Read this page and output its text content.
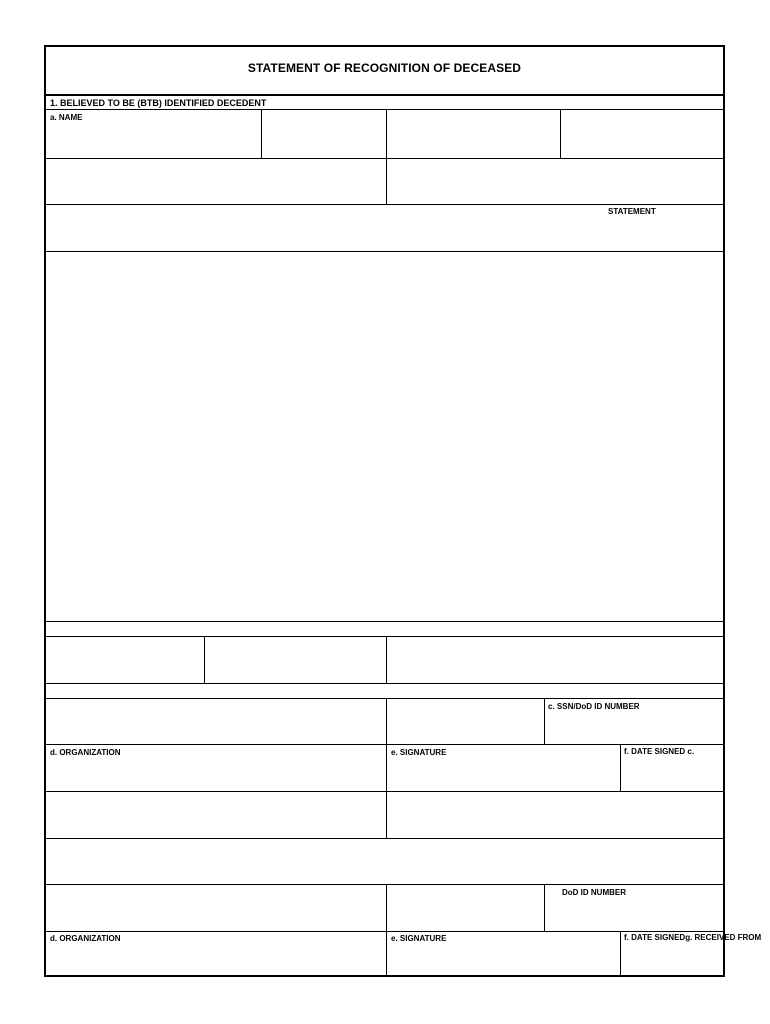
STATEMENT OF RECOGNITION OF DECEASED
1. BELIEVED TO BE (BTB) IDENTIFIED DECEDENT
a. NAME
STATEMENT
c. SSN/DoD ID NUMBER
d. ORGANIZATION	e. SIGNATURE	f. DATE SIGNED c.
DoD ID NUMBER
d. ORGANIZATION	e. SIGNATURE	f. DATE SIGNEDg. RECEIVED FROM
